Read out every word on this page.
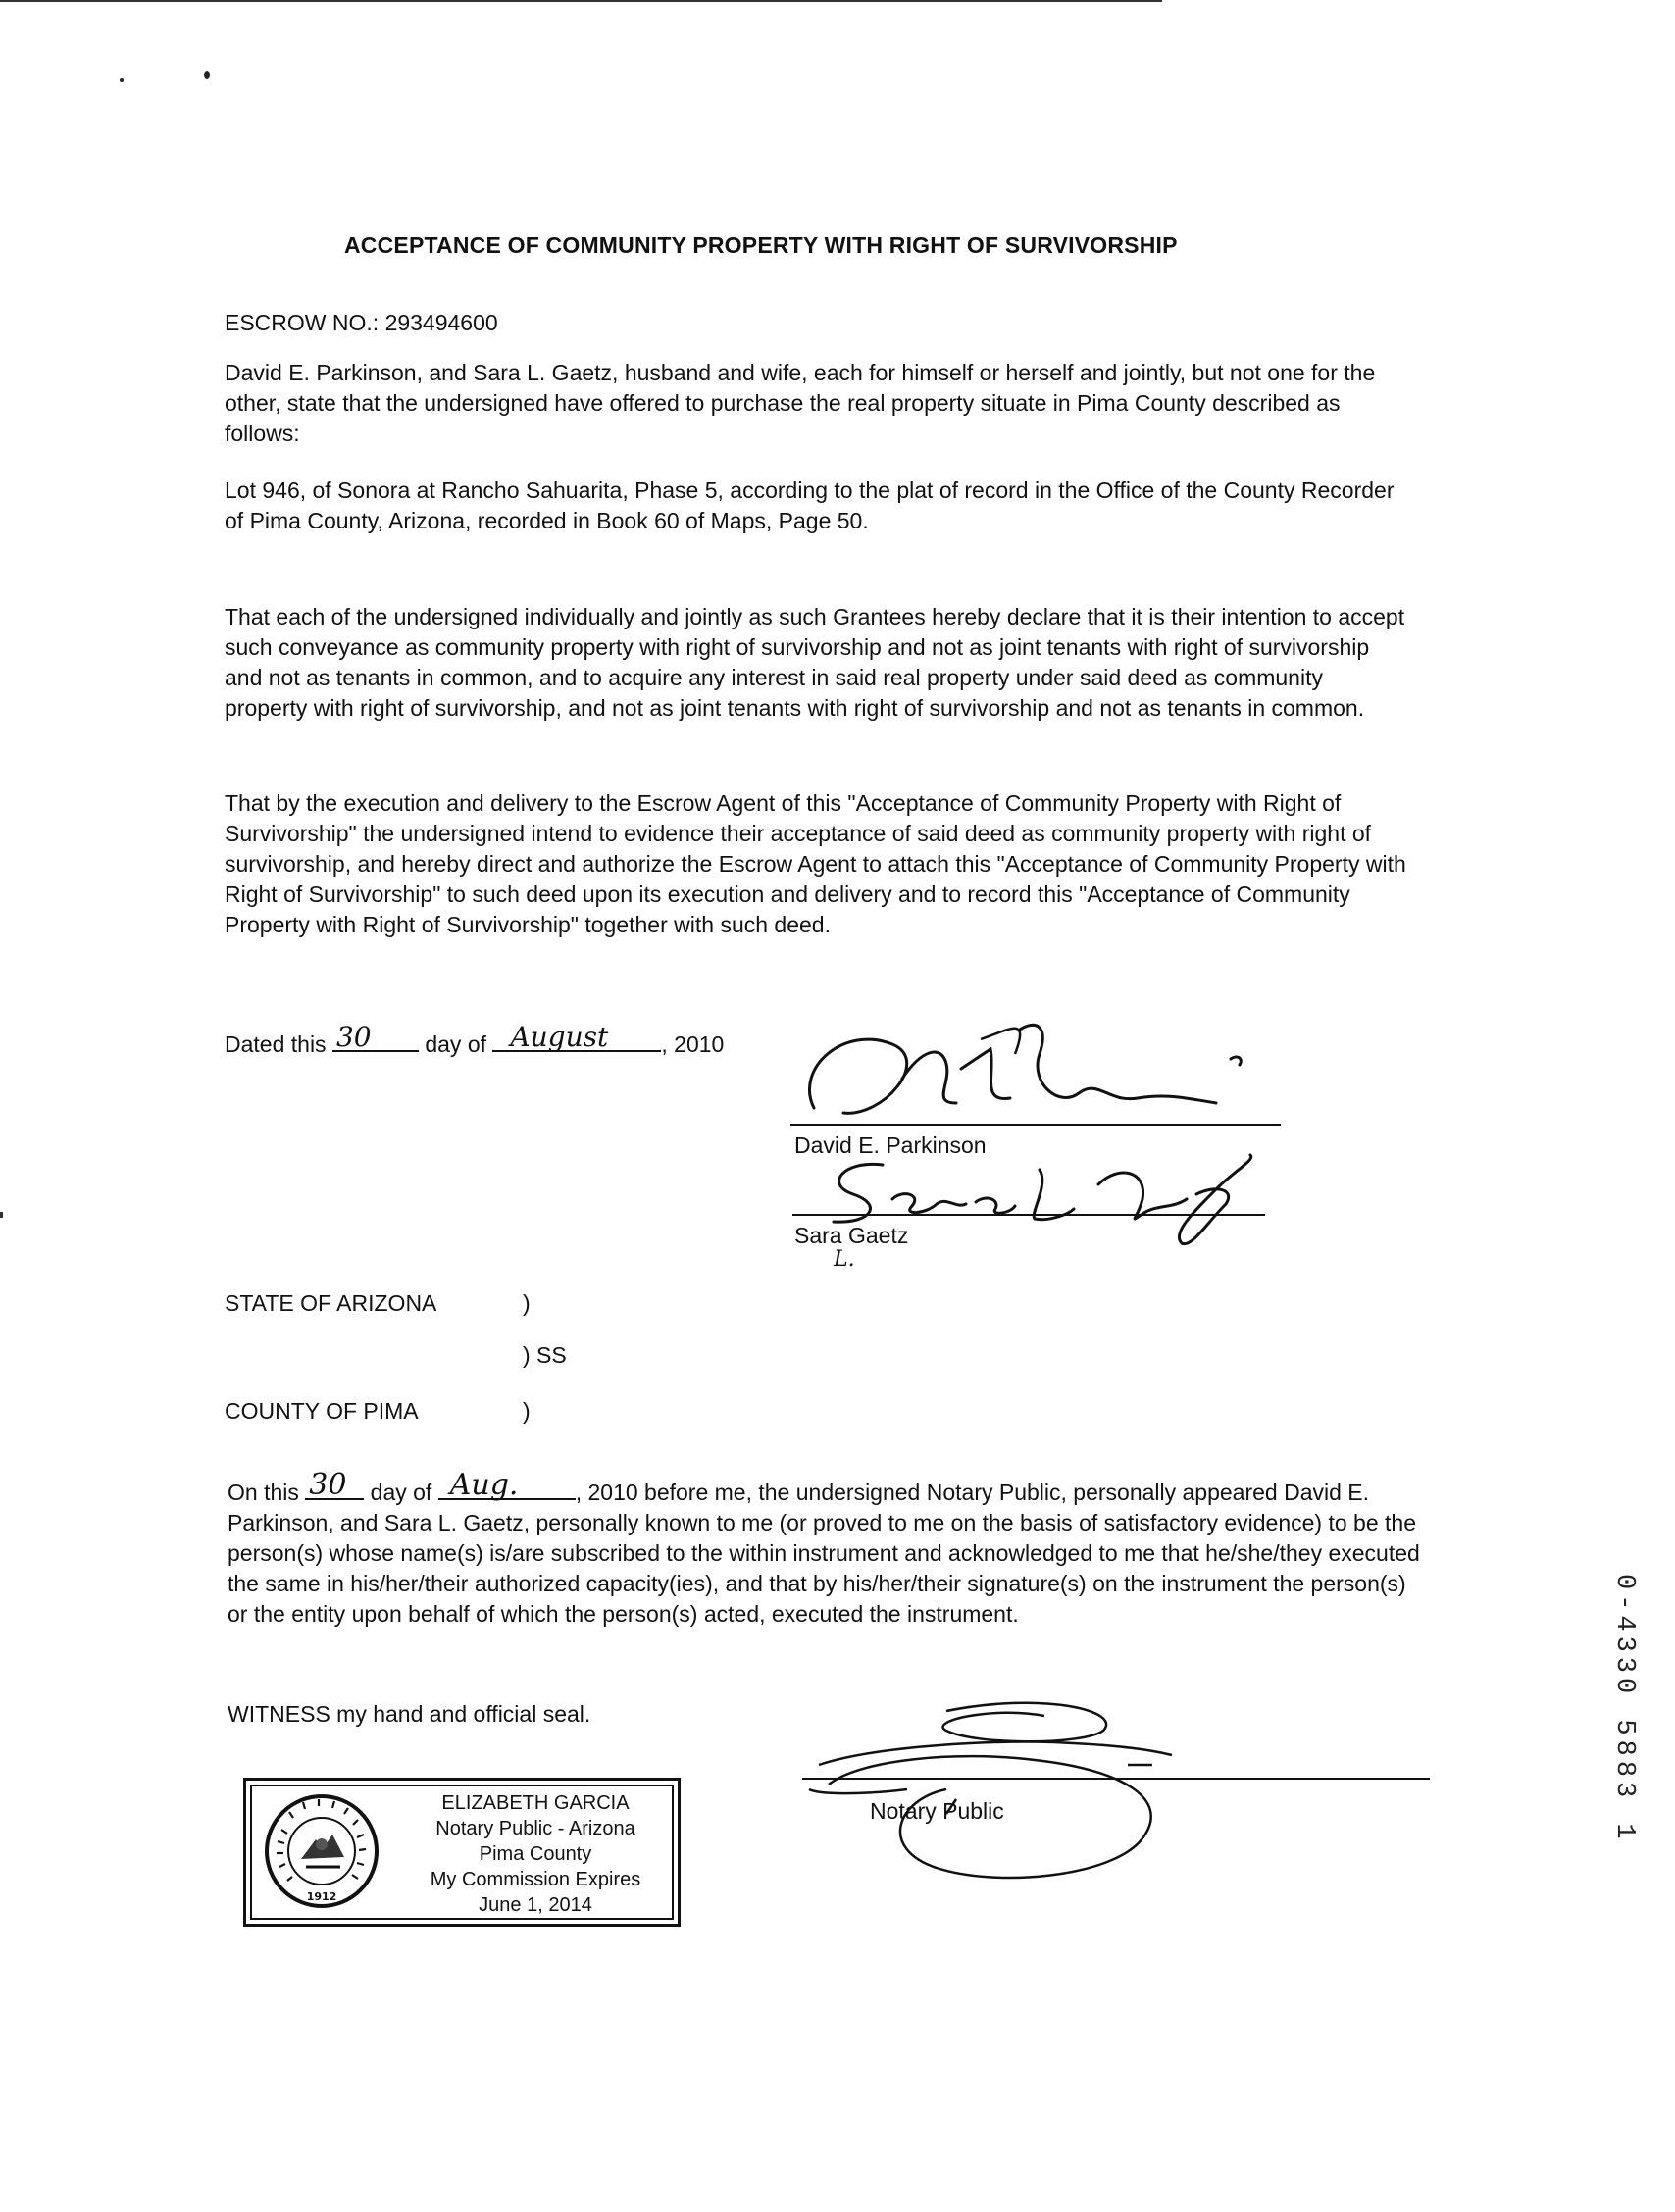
ACCEPTANCE OF COMMUNITY PROPERTY WITH RIGHT OF SURVIVORSHIP
ESCROW NO.: 293494600
David E. Parkinson, and Sara L. Gaetz, husband and wife, each for himself or herself and jointly, but not one for the other, state that the undersigned have offered to purchase the real property situate in Pima County described as follows:
Lot 946, of Sonora at Rancho Sahuarita, Phase 5, according to the plat of record in the Office of the County Recorder of Pima County, Arizona, recorded in Book 60 of Maps, Page 50.
That each of the undersigned individually and jointly as such Grantees hereby declare that it is their intention to accept such conveyance as community property with right of survivorship and not as joint tenants with right of survivorship and not as tenants in common, and to acquire any interest in said real property under said deed as community property with right of survivorship, and not as joint tenants with right of survivorship and not as tenants in common.
That by the execution and delivery to the Escrow Agent of this "Acceptance of Community Property with Right of Survivorship" the undersigned intend to evidence their acceptance of said deed as community property with right of survivorship, and hereby direct and authorize the Escrow Agent to attach this "Acceptance of Community Property with Right of Survivorship" to such deed upon its execution and delivery and to record this "Acceptance of Community Property with Right of Survivorship" together with such deed.
Dated this 30 day of August , 2010
David E. Parkinson
Sara Gaetz
L.
STATE OF ARIZONA	)
) SS
COUNTY OF PIMA	)
On this 30 day of Aug.	, 2010 before me, the undersigned Notary Public, personally appeared David E. Parkinson, and Sara L. Gaetz, personally known to me (or proved to me on the basis of satisfactory evidence) to be the person(s) whose name(s) is/are subscribed to the within instrument and acknowledged to me that he/she/they executed the same in his/her/their authorized capacity(ies), and that by his/her/their signature(s) on the instrument the person(s) or the entity upon behalf of which the person(s) acted, executed the instrument.
WITNESS my hand and official seal.
1912
ELIZABETH GARCIA
Notary Public - Arizona
Pima County
My Commission Expires
June 1, 2014
Notary Public	0-4330 5883 1
